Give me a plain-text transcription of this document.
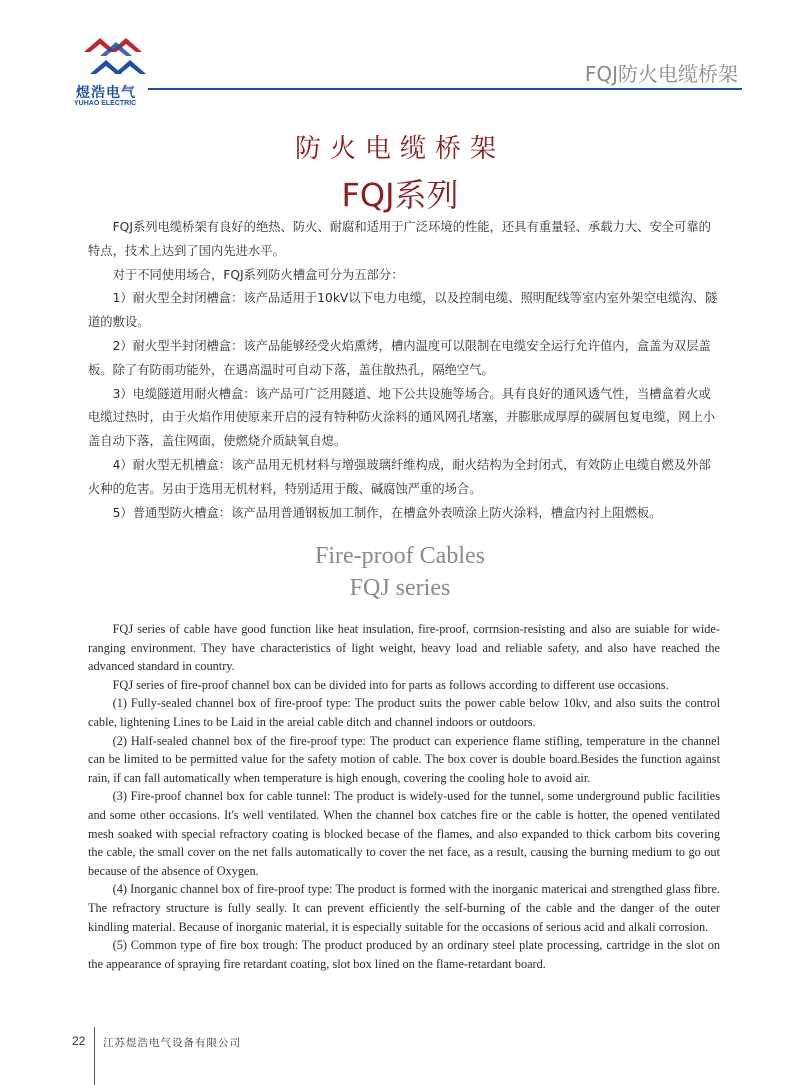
煜浩电气
YUHAO ELECTRIC
FQJ防火电缆桥架
防火电缆桥架
FQJ系列

FQJ系列电缆桥架有良好的绝热、防火、耐腐和适用于广泛环境的性能，还具有重量轻、承载力大、安全可靠的特点，技术上达到了国内先进水平。

对于不同使用场合，FQJ系列防火槽盒可分为五部分：

1）耐火型全封闭槽盒：该产品适用于10kV以下电力电缆，以及控制电缆、照明配线等室内室外架空电缆沟、隧道的敷设。

2）耐火型半封闭槽盒：该产品能够经受火焰熏烤，槽内温度可以限制在电缆安全运行允许值内，盒盖为双层盖板。除了有防雨功能外，在遇高温时可自动下落，盖住散热孔，隔绝空气。

3）电缆隧道用耐火槽盒：该产品可广泛用隧道、地下公共设施等场合。具有良好的通风透气性，当槽盒着火或电缆过热时，由于火焰作用使原来开启的浸有特种防火涂料的通风网孔堵塞，并膨胀成厚厚的碳屑包复电缆，网上小盖自动下落，盖住网面，使燃烧介质缺氧自熄。

4）耐火型无机槽盒：该产品用无机材料与增强玻璃纤维构成，耐火结构为全封闭式，有效防止电缆自燃及外部火种的危害。另由于选用无机材料，特别适用于酸、碱腐蚀严重的场合。

5）普通型防火槽盒：该产品用普通钢板加工制作，在槽盒外表喷涂上防火涂料，槽盒内衬上阻燃板。

Fire-proof Cables
FQJ series

FQJ series of cable have good function like heat insulation, fire-proof, corrnsion-resisting and also are suiable for wide-ranging environment. They have characteristics of light weight, heavy load and reliable safety, and also have reached the advanced standard in country.

FQJ series of fire-proof channel box can be divided into for parts as follows according to different use occasions.

(1) Fully-sealed channel box of fire-proof type: The product suits the power cable below 10kv, and also suits the control cable, lightening Lines to be Laid in the areial cable ditch and channel indoors or outdoors.

(2) Half-sealed channel box of the fire-proof type: The product can experience flame stifling, temperature in the channel can be limited to be permitted value for the safety motion of cable. The box cover is double board.Besides the function against rain, if can fall automatically when temperature is high enough, covering the cooling hole to avoid air.

(3) Fire-proof channel box for cable tunnel: The product is widely-used for the tunnel, some underground public facilities and some other occasions. It's well ventilated. When the channel box catches fire or the cable is hotter, the opened ventilated mesh soaked with special refractory coating is blocked becase of the flames, and also expanded to thick carbom bits covering the cable, the small cover on the net falls automatically to cover the net face, as a result, causing the burning medium to go out because of the absence of Oxygen.

(4) Inorganic channel box of fire-proof type: The product is formed with the inorganic matericai and strengthed glass fibre. The refractory structure is fully seally. It can prevent efficiently the self-burning of the cable and the danger of the outer kindling material. Because of inorganic material, it is especially suitable for the occasions of serious acid and alkali corrosion.

(5) Common type of fire box trough: The product produced by an ordinary steel plate processing, cartridge in the slot on the appearance of spraying fire retardant coating, slot box lined on the flame-retardant board.

22 江苏煜浩电气设备有限公司
